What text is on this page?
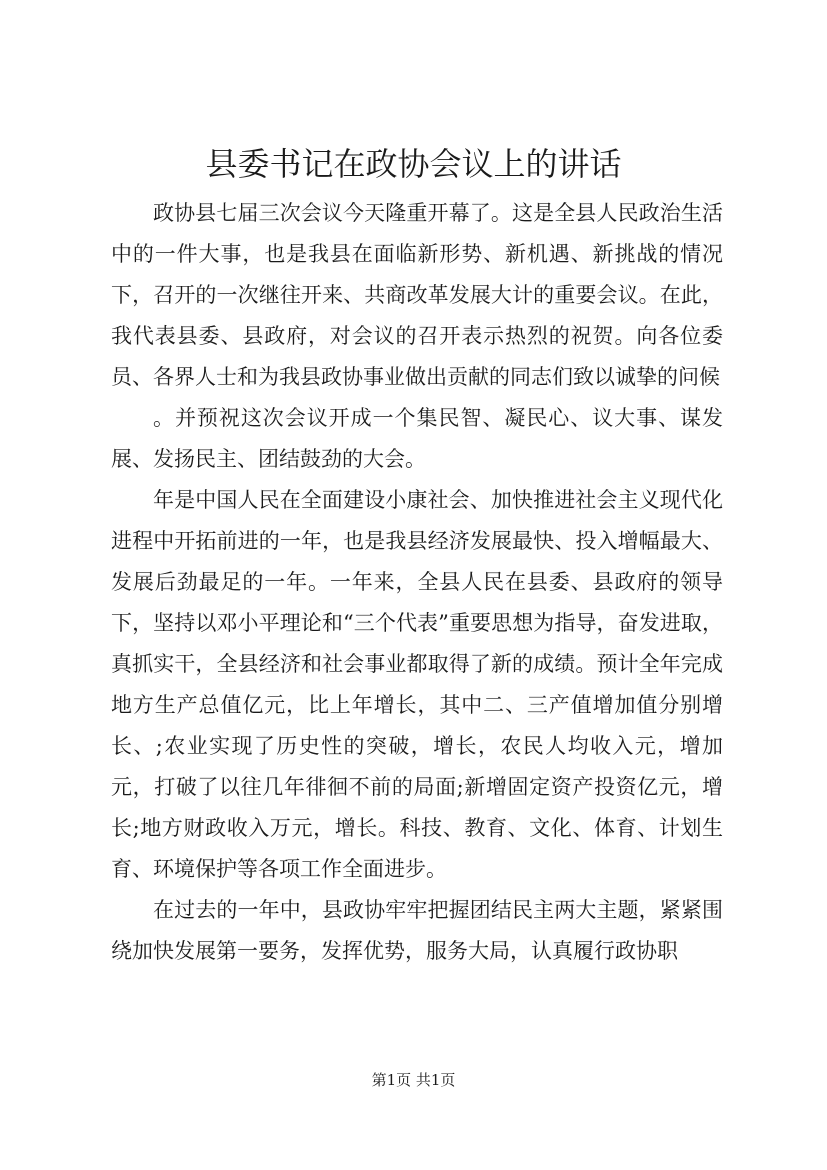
县委书记在政协会议上的讲话

政协县七届三次会议今天隆重开幕了。这是全县人民政治生活中的一件大事，也是我县在面临新形势、新机遇、新挑战的情况下，召开的一次继往开来、共商改革发展大计的重要会议。在此，我代表县委、县政府，对会议的召开表示热烈的祝贺。向各位委员、各界人士和为我县政协事业做出贡献的同志们致以诚挚的问候

。并预祝这次会议开成一个集民智、凝民心、议大事、谋发展、发扬民主、团结鼓劲的大会。

年是中国人民在全面建设小康社会、加快推进社会主义现代化进程中开拓前进的一年，也是我县经济发展最快、投入增幅最大、发展后劲最足的一年。一年来，全县人民在县委、县政府的领导下，坚持以邓小平理论和“三个代表”重要思想为指导，奋发进取，真抓实干，全县经济和社会事业都取得了新的成绩。预计全年完成地方生产总值亿元，比上年增长，其中二、三产值增加值分别增长、;农业实现了历史性的突破，增长，农民人均收入元，增加元，打破了以往几年徘徊不前的局面;新增固定资产投资亿元，增长;地方财政收入万元，增长。科技、教育、文化、体育、计划生育、环境保护等各项工作全面进步。

在过去的一年中，县政协牢牢把握团结民主两大主题，紧紧围绕加快发展第一要务，发挥优势，服务大局，认真履行政协职

第1页 共1页
